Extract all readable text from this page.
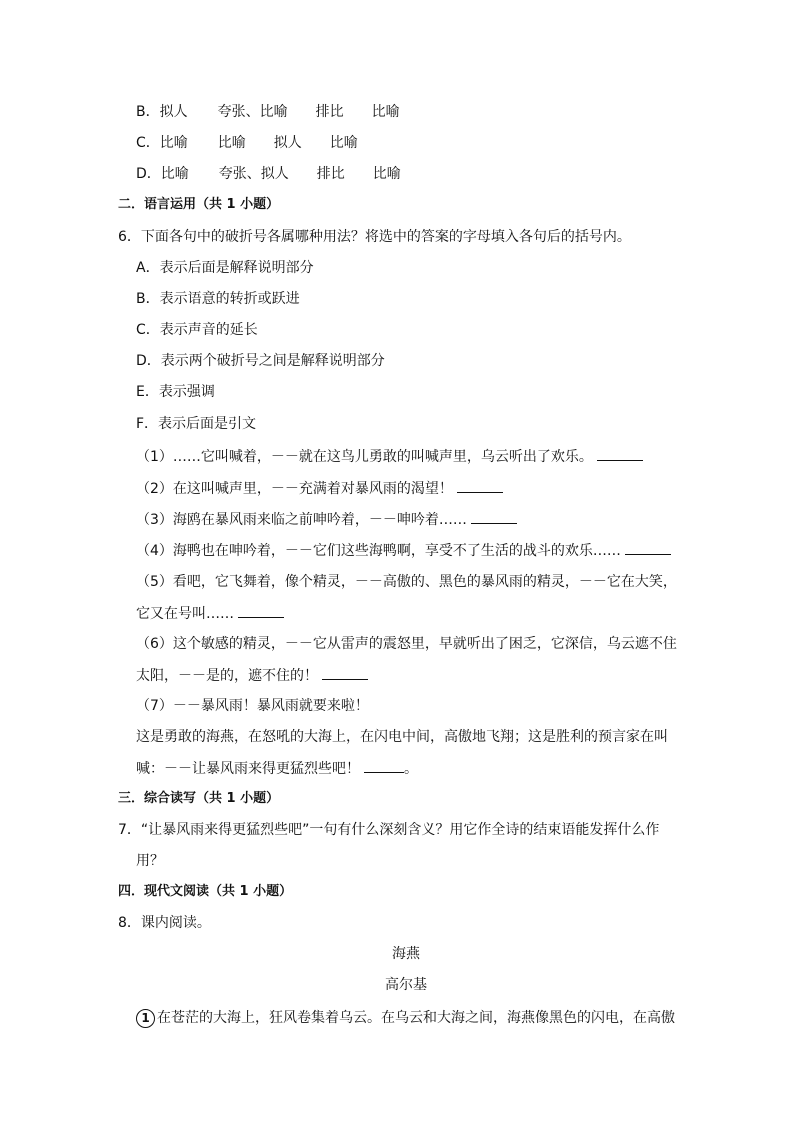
B．拟人 夸张、比喻 排比 比喻
C．比喻 比喻 拟人 比喻
D．比喻 夸张、拟人 排比 比喻
二．语言运用（共 1 小题）
6．下面各句中的破折号各属哪种用法？将选中的答案的字母填入各句后的括号内。
A．表示后面是解释说明部分
B．表示语意的转折或跃进
C．表示声音的延长
D．表示两个破折号之间是解释说明部分
E．表示强调
F．表示后面是引文
（1）……它叫喊着，－－就在这鸟儿勇敢的叫喊声里，乌云听出了欢乐。
（2）在这叫喊声里，－－充满着对暴风雨的渴望！
（3）海鸥在暴风雨来临之前呻吟着，－－呻吟着……
（4）海鸭也在呻吟着，－－它们这些海鸭啊，享受不了生活的战斗的欢乐……
（5）看吧，它飞舞着，像个精灵，－－高傲的、黑色的暴风雨的精灵，－－它在大笑，
它又在号叫……
（6）这个敏感的精灵，－－它从雷声的震怒里，早就听出了困乏，它深信，乌云遮不住
太阳，－－是的，遮不住的！
（7）－－暴风雨！暴风雨就要来啦！
这是勇敢的海燕，在怒吼的大海上，在闪电中间，高傲地飞翔；这是胜利的预言家在叫
喊：－－让暴风雨来得更猛烈些吧！	。
三．综合读写（共 1 小题）
7．“让暴风雨来得更猛烈些吧”一句有什么深刻含义？用它作全诗的结束语能发挥什么作
用？
四．现代文阅读（共 1 小题）
8．课内阅读。
海燕
高尔基
1 在苍茫的大海上，狂风卷集着乌云。在乌云和大海之间，海燕像黑色的闪电，在高傲
